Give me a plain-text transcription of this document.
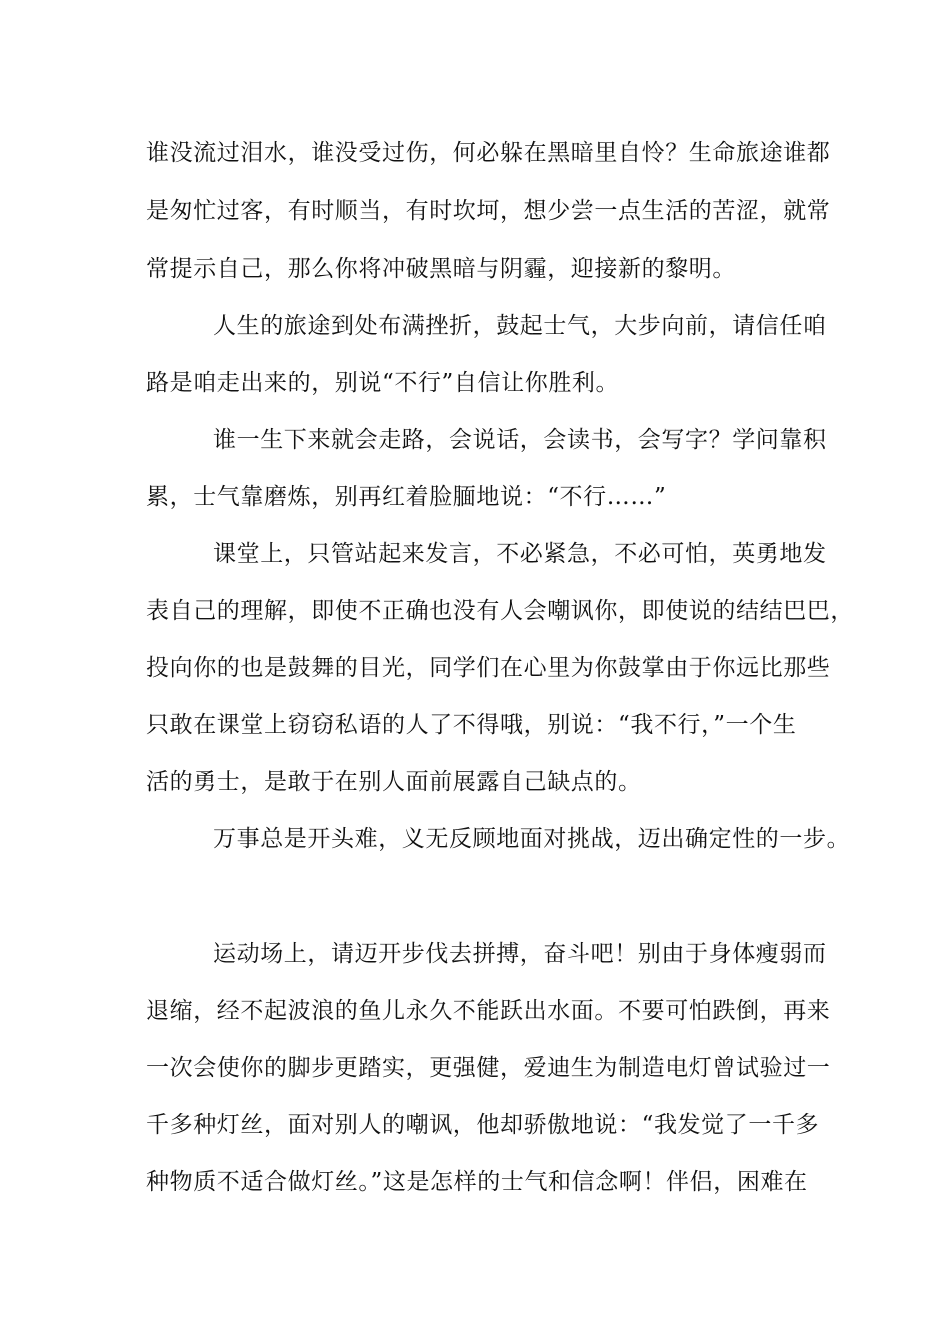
谁没流过泪水，谁没受过伤，何必躲在黑暗里自怜？生命旅途谁都
是匆忙过客，有时顺当，有时坎坷，想少尝一点生活的苦涩，就常
常提示自己，那么你将冲破黑暗与阴霾，迎接新的黎明。
人生的旅途到处布满挫折，鼓起士气，大步向前，请信任咱
路是咱走出来的，别说“不行”自信让你胜利。
谁一生下来就会走路，会说话，会读书，会写字？学问靠积
累，士气靠磨炼，别再红着脸腼地说：“不行……”
课堂上，只管站起来发言，不必紧急，不必可怕，英勇地发
表自己的理解，即使不正确也没有人会嘲讽你，即使说的结结巴巴，
投向你的也是鼓舞的目光，同学们在心里为你鼓掌由于你远比那些
只敢在课堂上窃窃私语的人了不得哦，别说：“我不行，”一个生
活的勇士，是敢于在别人面前展露自己缺点的。
万事总是开头难，义无反顾地面对挑战，迈出确定性的一步。
运动场上，请迈开步伐去拼搏，奋斗吧！别由于身体瘦弱而
退缩，经不起波浪的鱼儿永久不能跃出水面。不要可怕跌倒，再来
一次会使你的脚步更踏实，更强健，爱迪生为制造电灯曾试验过一
千多种灯丝，面对别人的嘲讽，他却骄傲地说：“我发觉了一千多
种物质不适合做灯丝。”这是怎样的士气和信念啊！伴侣，困难在
